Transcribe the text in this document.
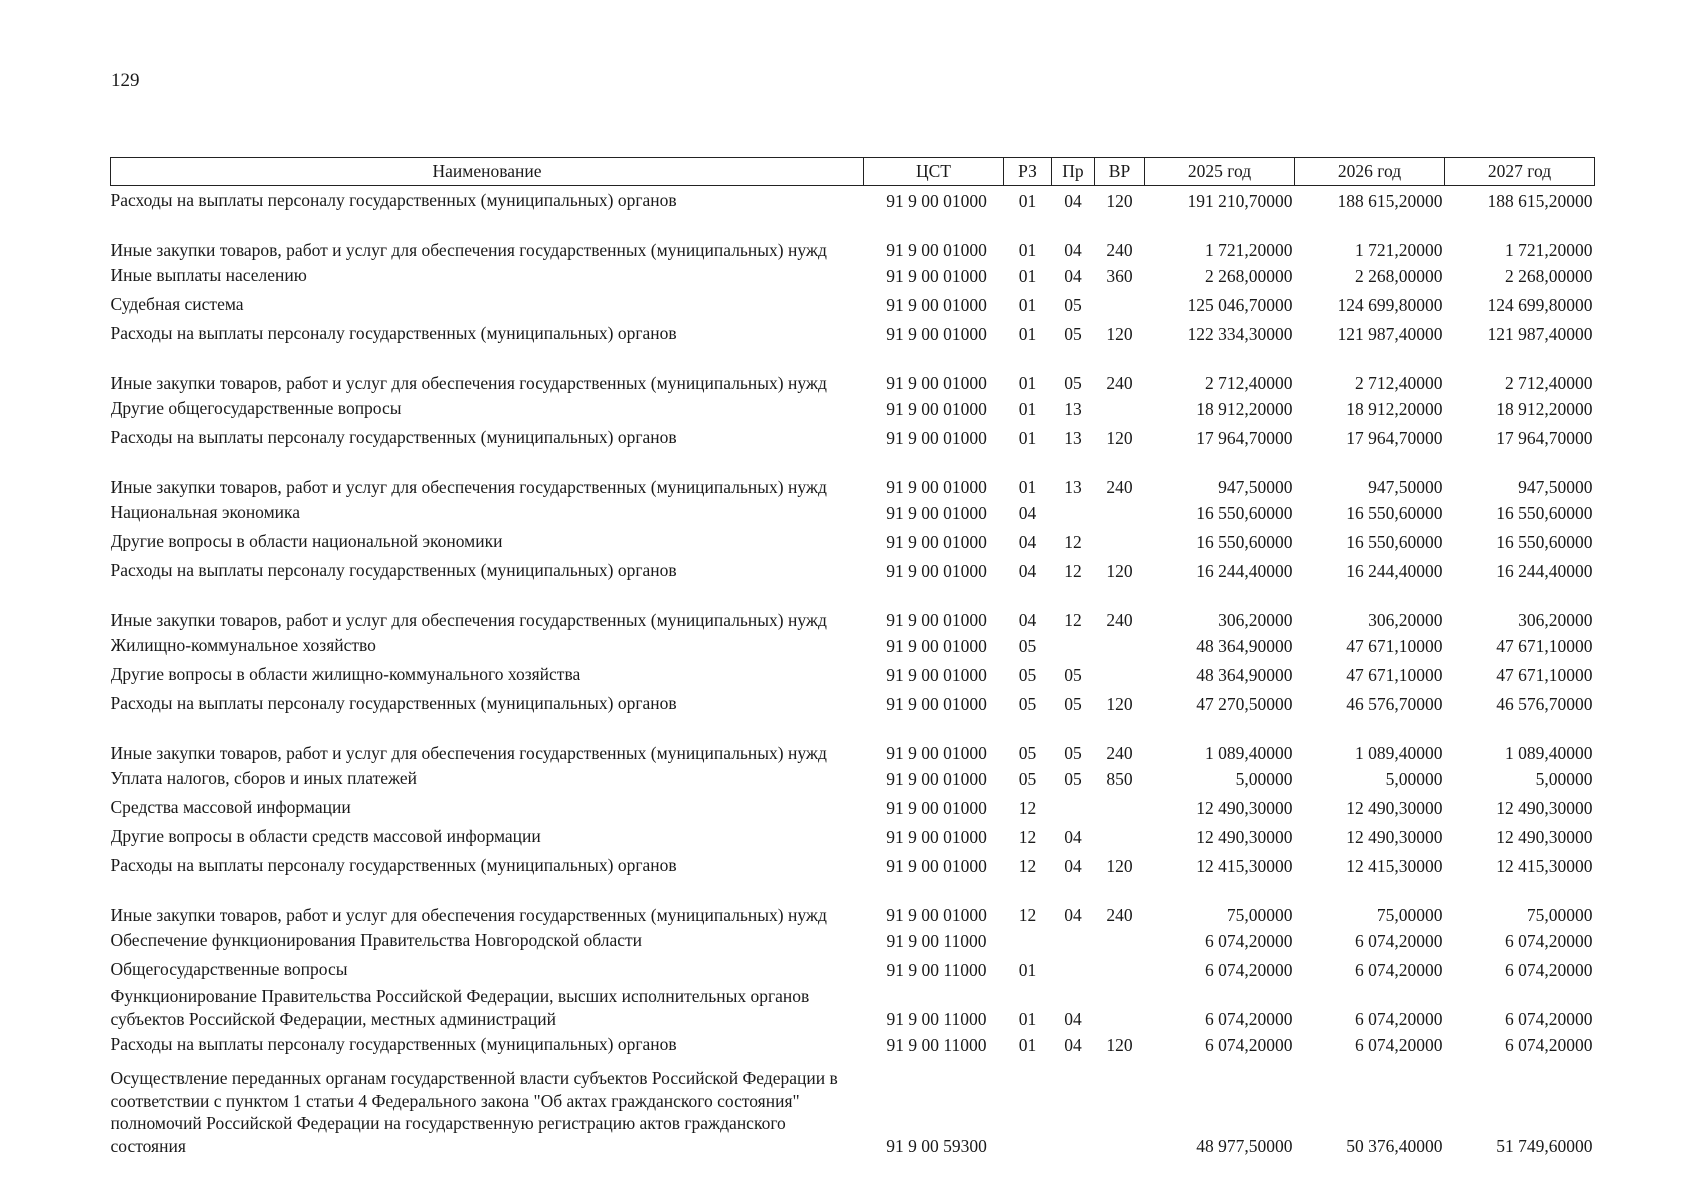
129
Наименование	ЦСТ	РЗ	Пр	ВР	2025 год	2026 год	2027 год
Расходы на выплаты персоналу государственных (муниципальных) органов	91 9 00 01000	01	04	120	191 210,70000	188 615,20000	188 615,20000
Иные закупки товаров, работ и услуг для обеспечения государственных (муниципальных) нужд	91 9 00 01000	01	04	240	1 721,20000	1 721,20000	1 721,20000
Иные выплаты населению	91 9 00 01000	01	04	360	2 268,00000	2 268,00000	2 268,00000
Судебная система	91 9 00 01000	01	05		125 046,70000	124 699,80000	124 699,80000
Расходы на выплаты персоналу государственных (муниципальных) органов	91 9 00 01000	01	05	120	122 334,30000	121 987,40000	121 987,40000
Иные закупки товаров, работ и услуг для обеспечения государственных (муниципальных) нужд	91 9 00 01000	01	05	240	2 712,40000	2 712,40000	2 712,40000
Другие общегосударственные вопросы	91 9 00 01000	01	13		18 912,20000	18 912,20000	18 912,20000
Расходы на выплаты персоналу государственных (муниципальных) органов	91 9 00 01000	01	13	120	17 964,70000	17 964,70000	17 964,70000
Иные закупки товаров, работ и услуг для обеспечения государственных (муниципальных) нужд	91 9 00 01000	01	13	240	947,50000	947,50000	947,50000
Национальная экономика	91 9 00 01000	04			16 550,60000	16 550,60000	16 550,60000
Другие вопросы в области национальной экономики	91 9 00 01000	04	12		16 550,60000	16 550,60000	16 550,60000
Расходы на выплаты персоналу государственных (муниципальных) органов	91 9 00 01000	04	12	120	16 244,40000	16 244,40000	16 244,40000
Иные закупки товаров, работ и услуг для обеспечения государственных (муниципальных) нужд	91 9 00 01000	04	12	240	306,20000	306,20000	306,20000
Жилищно-коммунальное хозяйство	91 9 00 01000	05			48 364,90000	47 671,10000	47 671,10000
Другие вопросы в области жилищно-коммунального хозяйства	91 9 00 01000	05	05		48 364,90000	47 671,10000	47 671,10000
Расходы на выплаты персоналу государственных (муниципальных) органов	91 9 00 01000	05	05	120	47 270,50000	46 576,70000	46 576,70000
Иные закупки товаров, работ и услуг для обеспечения государственных (муниципальных) нужд	91 9 00 01000	05	05	240	1 089,40000	1 089,40000	1 089,40000
Уплата налогов, сборов и иных платежей	91 9 00 01000	05	05	850	5,00000	5,00000	5,00000
Средства массовой информации	91 9 00 01000	12			12 490,30000	12 490,30000	12 490,30000
Другие вопросы в области средств массовой информации	91 9 00 01000	12	04		12 490,30000	12 490,30000	12 490,30000
Расходы на выплаты персоналу государственных (муниципальных) органов	91 9 00 01000	12	04	120	12 415,30000	12 415,30000	12 415,30000
Иные закупки товаров, работ и услуг для обеспечения государственных (муниципальных) нужд	91 9 00 01000	12	04	240	75,00000	75,00000	75,00000
Обеспечение функционирования Правительства Новгородской области	91 9 00 11000				6 074,20000	6 074,20000	6 074,20000
Общегосударственные вопросы	91 9 00 11000	01			6 074,20000	6 074,20000	6 074,20000
Функционирование Правительства Российской Федерации, высших исполнительных органов субъектов Российской Федерации, местных администраций	91 9 00 11000	01	04		6 074,20000	6 074,20000	6 074,20000
Расходы на выплаты персоналу государственных (муниципальных) органов	91 9 00 11000	01	04	120	6 074,20000	6 074,20000	6 074,20000
Осуществление переданных органам государственной власти субъектов Российской Федерации в соответствии с пунктом 1 статьи 4 Федерального закона "Об актах гражданского состояния" полномочий Российской Федерации на государственную регистрацию актов гражданского состояния	91 9 00 59300				48 977,50000	50 376,40000	51 749,60000
